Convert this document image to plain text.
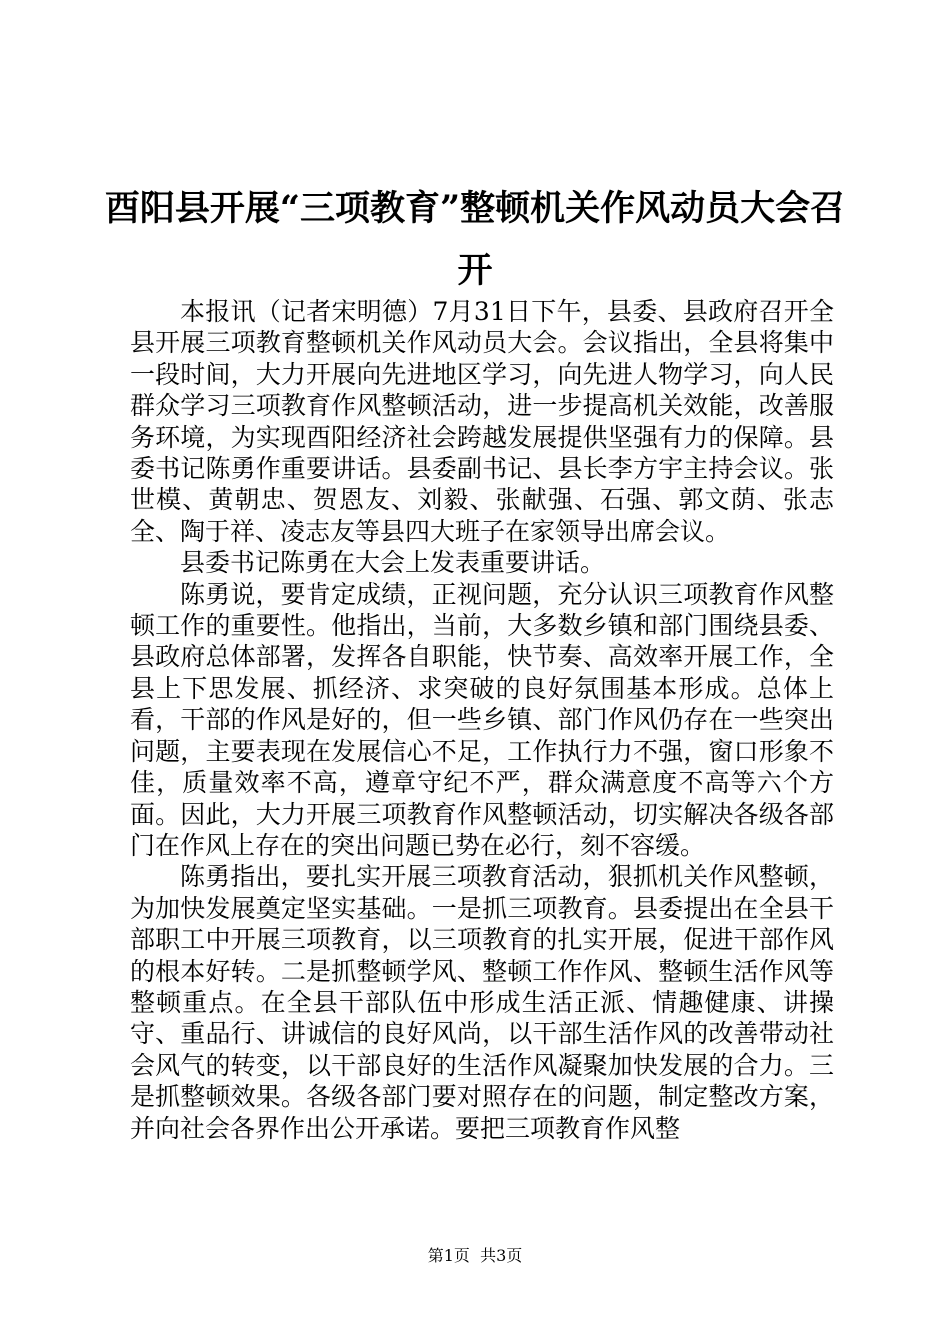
酉阳县开展“三项教育”整顿机关作风动员大会召开

本报讯（记者宋明德）7月31日下午，县委、县政府召开全县开展三项教育整顿机关作风动员大会。会议指出，全县将集中一段时间，大力开展向先进地区学习，向先进人物学习，向人民群众学习三项教育作风整顿活动，进一步提高机关效能，改善服务环境，为实现酉阳经济社会跨越发展提供坚强有力的保障。县委书记陈勇作重要讲话。县委副书记、县长李方宇主持会议。张世模、黄朝忠、贺恩友、刘毅、张献强、石强、郭文荫、张志全、陶于祥、凌志友等县四大班子在家领导出席会议。

县委书记陈勇在大会上发表重要讲话。

陈勇说，要肯定成绩，正视问题，充分认识三项教育作风整顿工作的重要性。他指出，当前，大多数乡镇和部门围绕县委、县政府总体部署，发挥各自职能，快节奏、高效率开展工作，全县上下思发展、抓经济、求突破的良好氛围基本形成。总体上看，干部的作风是好的，但一些乡镇、部门作风仍存在一些突出问题，主要表现在发展信心不足，工作执行力不强，窗口形象不佳，质量效率不高，遵章守纪不严，群众满意度不高等六个方面。因此，大力开展三项教育作风整顿活动，切实解决各级各部门在作风上存在的突出问题已势在必行，刻不容缓。

陈勇指出，要扎实开展三项教育活动，狠抓机关作风整顿，为加快发展奠定坚实基础。一是抓三项教育。县委提出在全县干部职工中开展三项教育，以三项教育的扎实开展，促进干部作风的根本好转。二是抓整顿学风、整顿工作作风、整顿生活作风等整顿重点。在全县干部队伍中形成生活正派、情趣健康、讲操守、重品行、讲诚信的良好风尚，以干部生活作风的改善带动社会风气的转变，以干部良好的生活作风凝聚加快发展的合力。三是抓整顿效果。各级各部门要对照存在的问题，制定整改方案，并向社会各界作出公开承诺。要把三项教育作风整

第1页  共3页
